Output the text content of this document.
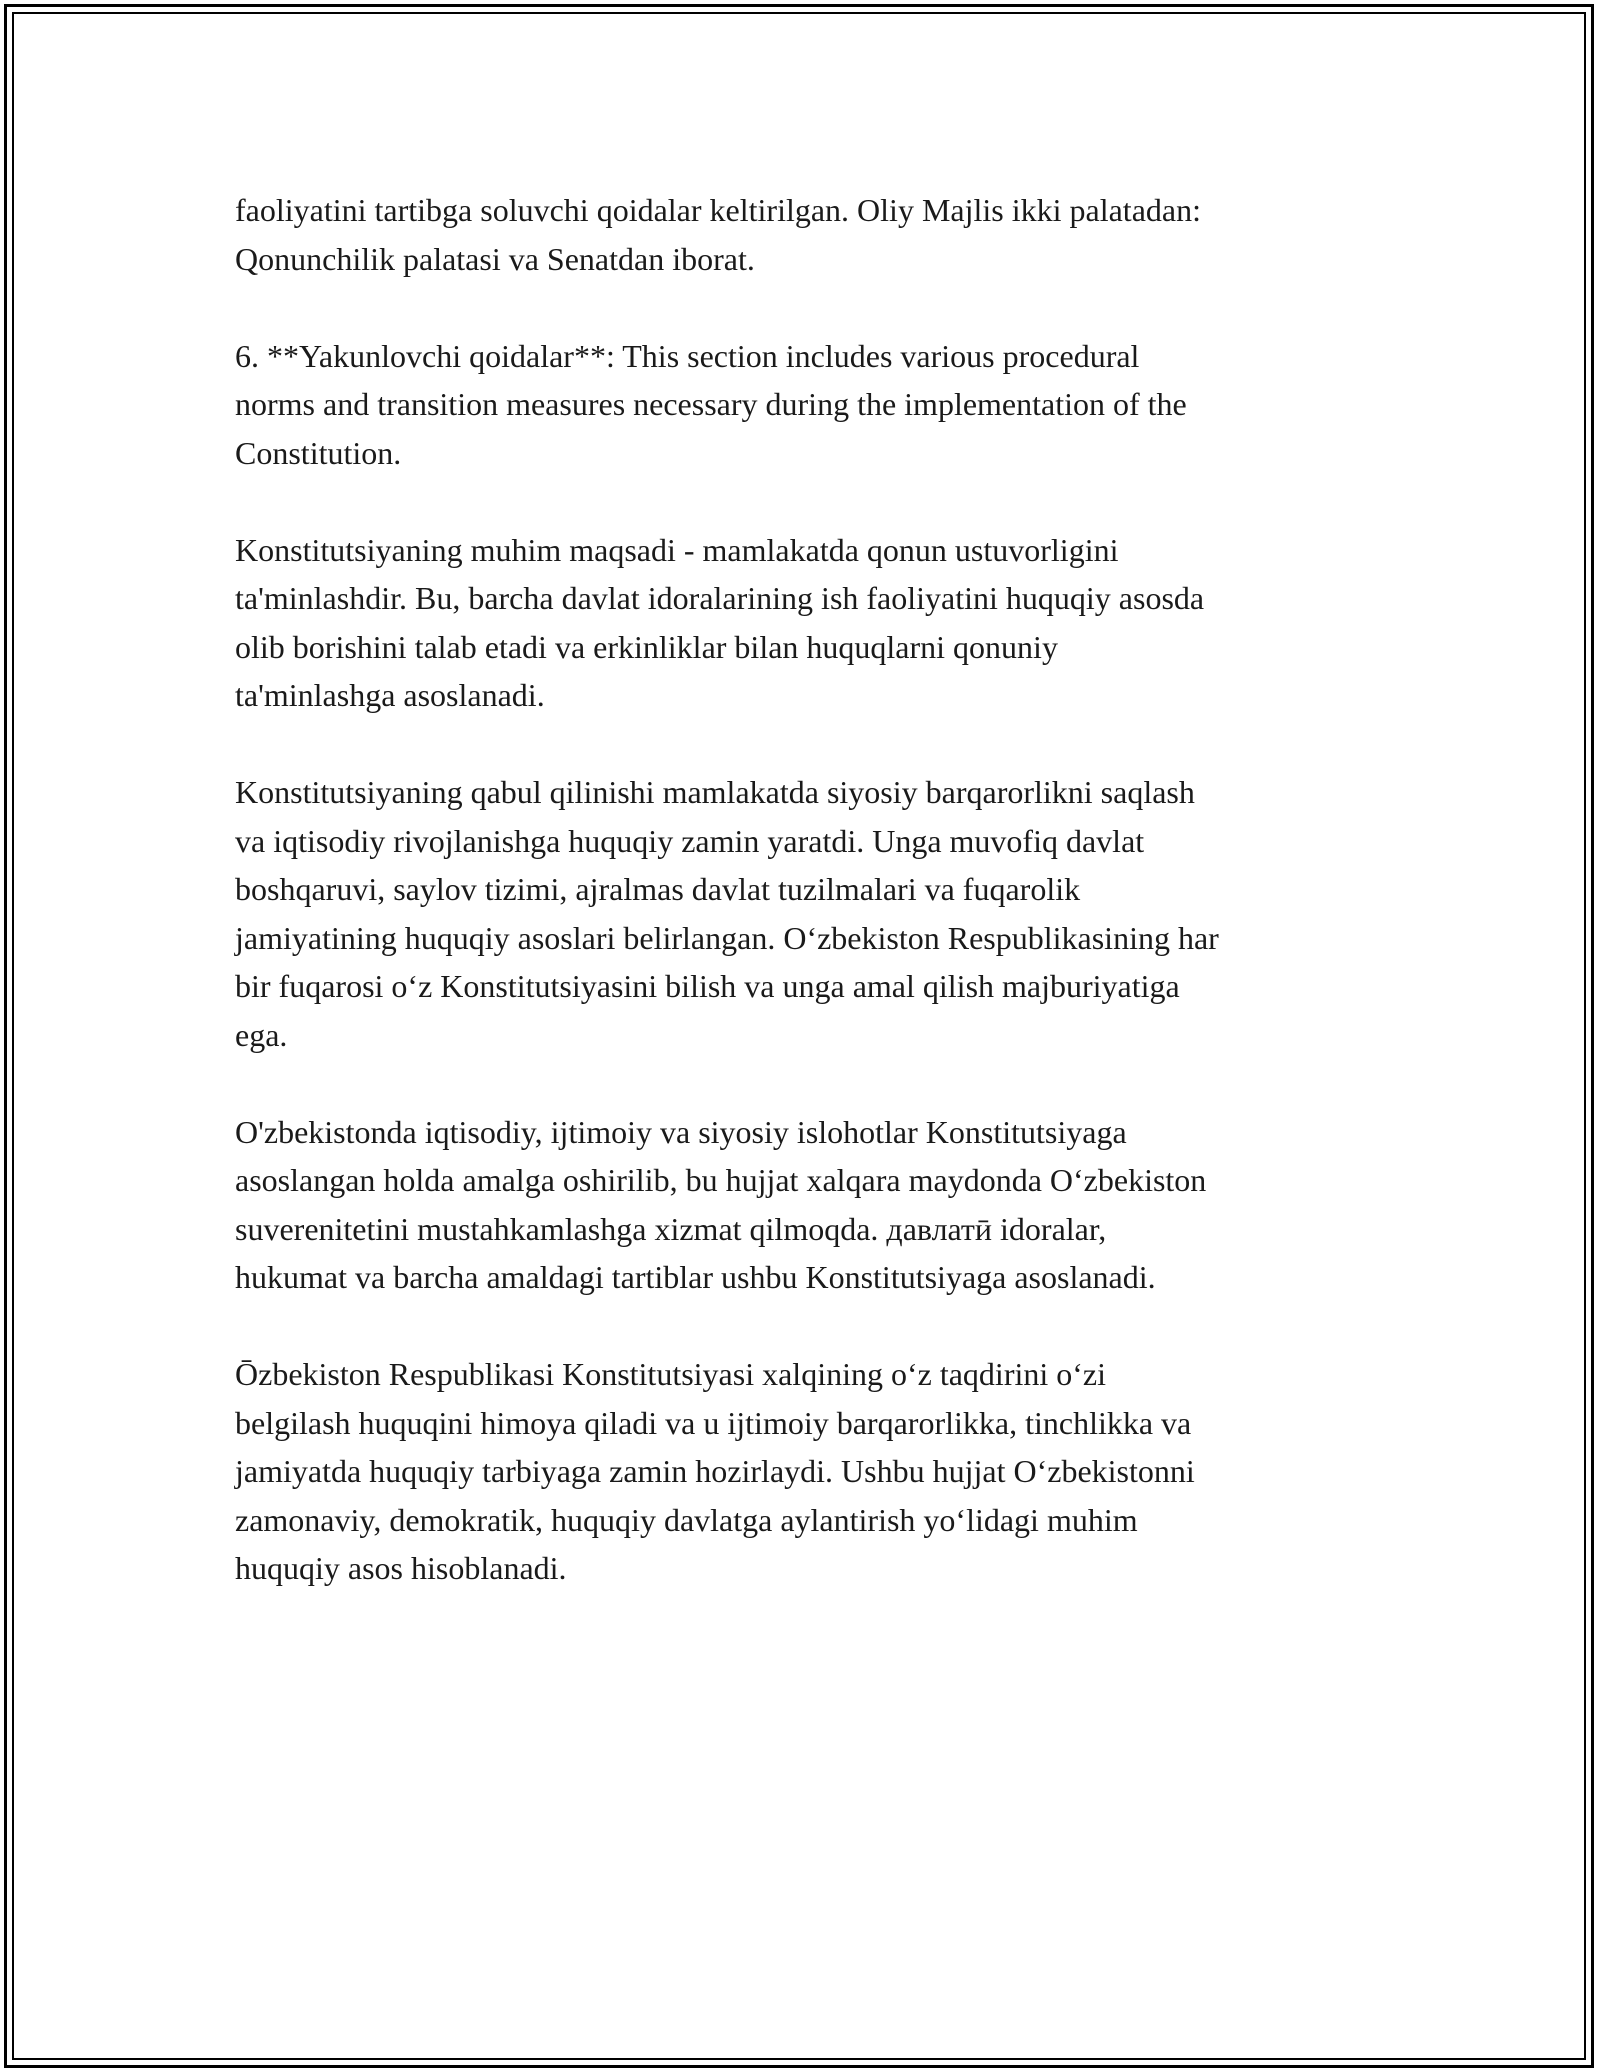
faoliyatini tartibga soluvchi qoidalar keltirilgan. Oliy Majlis ikki palatadan:
Qonunchilik palatasi va Senatdan iborat.

6. **Yakunlovchi qoidalar**: This section includes various procedural
norms and transition measures necessary during the implementation of the
Constitution.

Konstitutsiyaning muhim maqsadi - mamlakatda qonun ustuvorligini
ta'minlashdir. Bu, barcha davlat idoralarining ish faoliyatini huquqiy asosda
olib borishini talab etadi va erkinliklar bilan huquqlarni qonuniy
ta'minlashga asoslanadi.

Konstitutsiyaning qabul qilinishi mamlakatda siyosiy barqarorlikni saqlash
va iqtisodiy rivojlanishga huquqiy zamin yaratdi. Unga muvofiq davlat
boshqaruvi, saylov tizimi, ajralmas davlat tuzilmalari va fuqarolik
jamiyatining huquqiy asoslari belirlangan. O‘zbekiston Respublikasining har
bir fuqarosi o‘z Konstitutsiyasini bilish va unga amal qilish majburiyatiga
ega.

O'zbekistonda iqtisodiy, ijtimoiy va siyosiy islohotlar Konstitutsiyaga
asoslangan holda amalga oshirilib, bu hujjat xalqara maydonda O‘zbekiston
suverenitetini mustahkamlashga xizmat qilmoqda. давлатӣ idoralar,
hukumat va barcha amaldagi tartiblar ushbu Konstitutsiyaga asoslanadi.

Ōzbekiston Respublikasi Konstitutsiyasi xalqining o‘z taqdirini o‘zi
belgilash huquqini himoya qiladi va u ijtimoiy barqarorlikka, tinchlikka va
jamiyatda huquqiy tarbiyaga zamin hozirlaydi. Ushbu hujjat O‘zbekistonni
zamonaviy, demokratik, huquqiy davlatga aylantirish yo‘lidagi muhim
huquqiy asos hisoblanadi.
